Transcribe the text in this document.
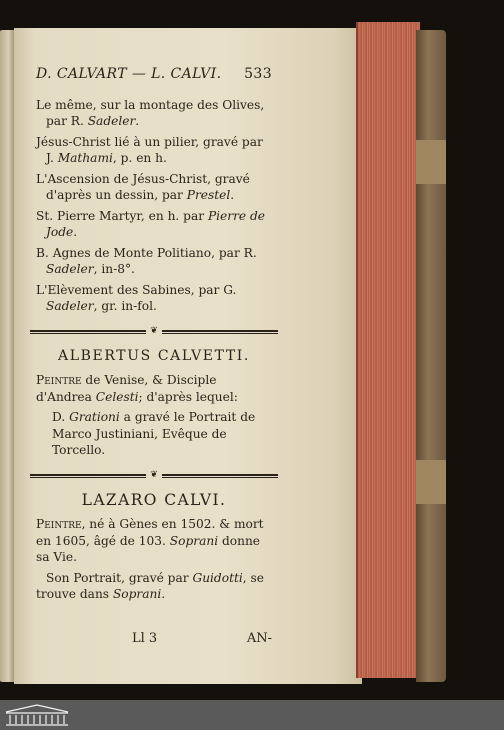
D. CALVART — L. CALVI. 533

Le même, sur la montage des Olives, par R. Sadeler.

Jésus-Christ lié à un pilier, gravé par J. Mathami, p. en h.

L'Ascension de Jésus-Christ, gravé d'après un dessin, par Prestel.

St. Pierre Martyr, en h. par Pierre de Jode.

B. Agnes de Monte Politiano, par R. Sadeler, in-8°.

L'Elèvement des Sabines, par G. Sadeler, gr. in-fol.

❦
ALBERTUS CALVETTI.

Peintre de Venise, & Disciple d'Andrea Celesti; d'après lequel:

D. Grationi a gravé le Portrait de Marco Justiniani, Evêque de Torcello.

❦
LAZARO CALVI.

Peintre, né à Gènes en 1502. & mort en 1605, âgé de 103. Soprani donne sa Vie.

Son Portrait, gravé par Guidotti, se trouve dans Soprani.

Ll 3	AN-
